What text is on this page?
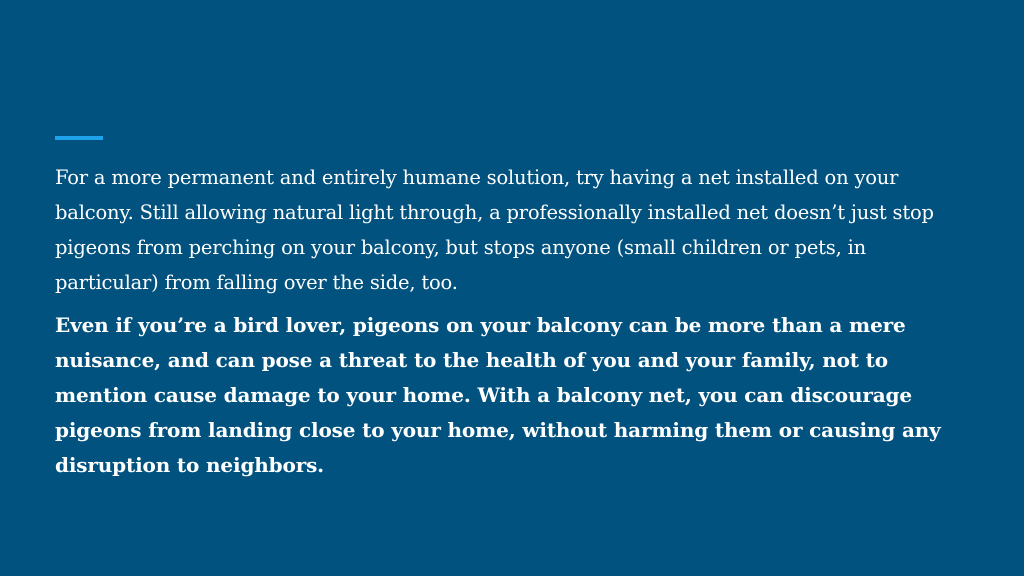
For a more permanent and entirely humane solution, try having a net installed on your balcony. Still allowing natural light through, a professionally installed net doesn’t just stop pigeons from perching on your balcony, but stops anyone (small children or pets, in particular) from falling over the side, too.

Even if you’re a bird lover, pigeons on your balcony can be more than a mere nuisance, and can pose a threat to the health of you and your family, not to mention cause damage to your home. With a balcony net, you can discourage pigeons from landing close to your home, without harming them or causing any disruption to neighbors.
